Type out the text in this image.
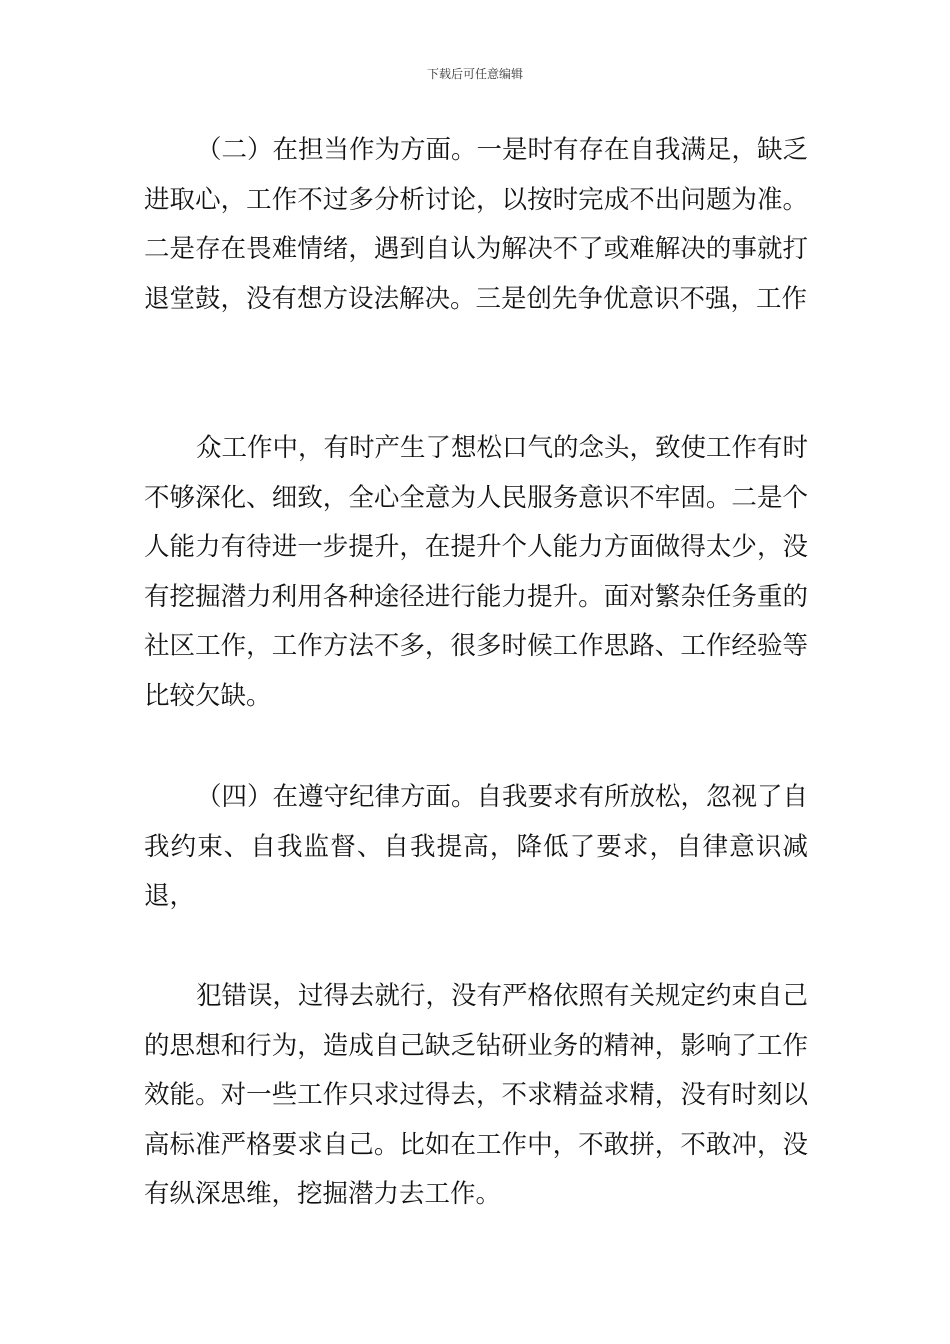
下载后可任意编辑

（二）在担当作为方面。一是时有存在自我满足，缺乏进取心，工作不过多分析讨论，以按时完成不出问题为准。二是存在畏难情绪，遇到自认为解决不了或难解决的事就打退堂鼓，没有想方设法解决。三是创先争优意识不强，工作

众工作中，有时产生了想松口气的念头，致使工作有时不够深化、细致，全心全意为人民服务意识不牢固。二是个人能力有待进一步提升，在提升个人能力方面做得太少，没有挖掘潜力利用各种途径进行能力提升。面对繁杂任务重的社区工作，工作方法不多，很多时候工作思路、工作经验等比较欠缺。

（四）在遵守纪律方面。自我要求有所放松，忽视了自我约束、自我监督、自我提高，降低了要求，自律意识减退，

犯错误，过得去就行，没有严格依照有关规定约束自己的思想和行为，造成自己缺乏钻研业务的精神，影响了工作效能。对一些工作只求过得去，不求精益求精，没有时刻以高标准严格要求自己。比如在工作中，不敢拼，不敢冲，没有纵深思维，挖掘潜力去工作。
